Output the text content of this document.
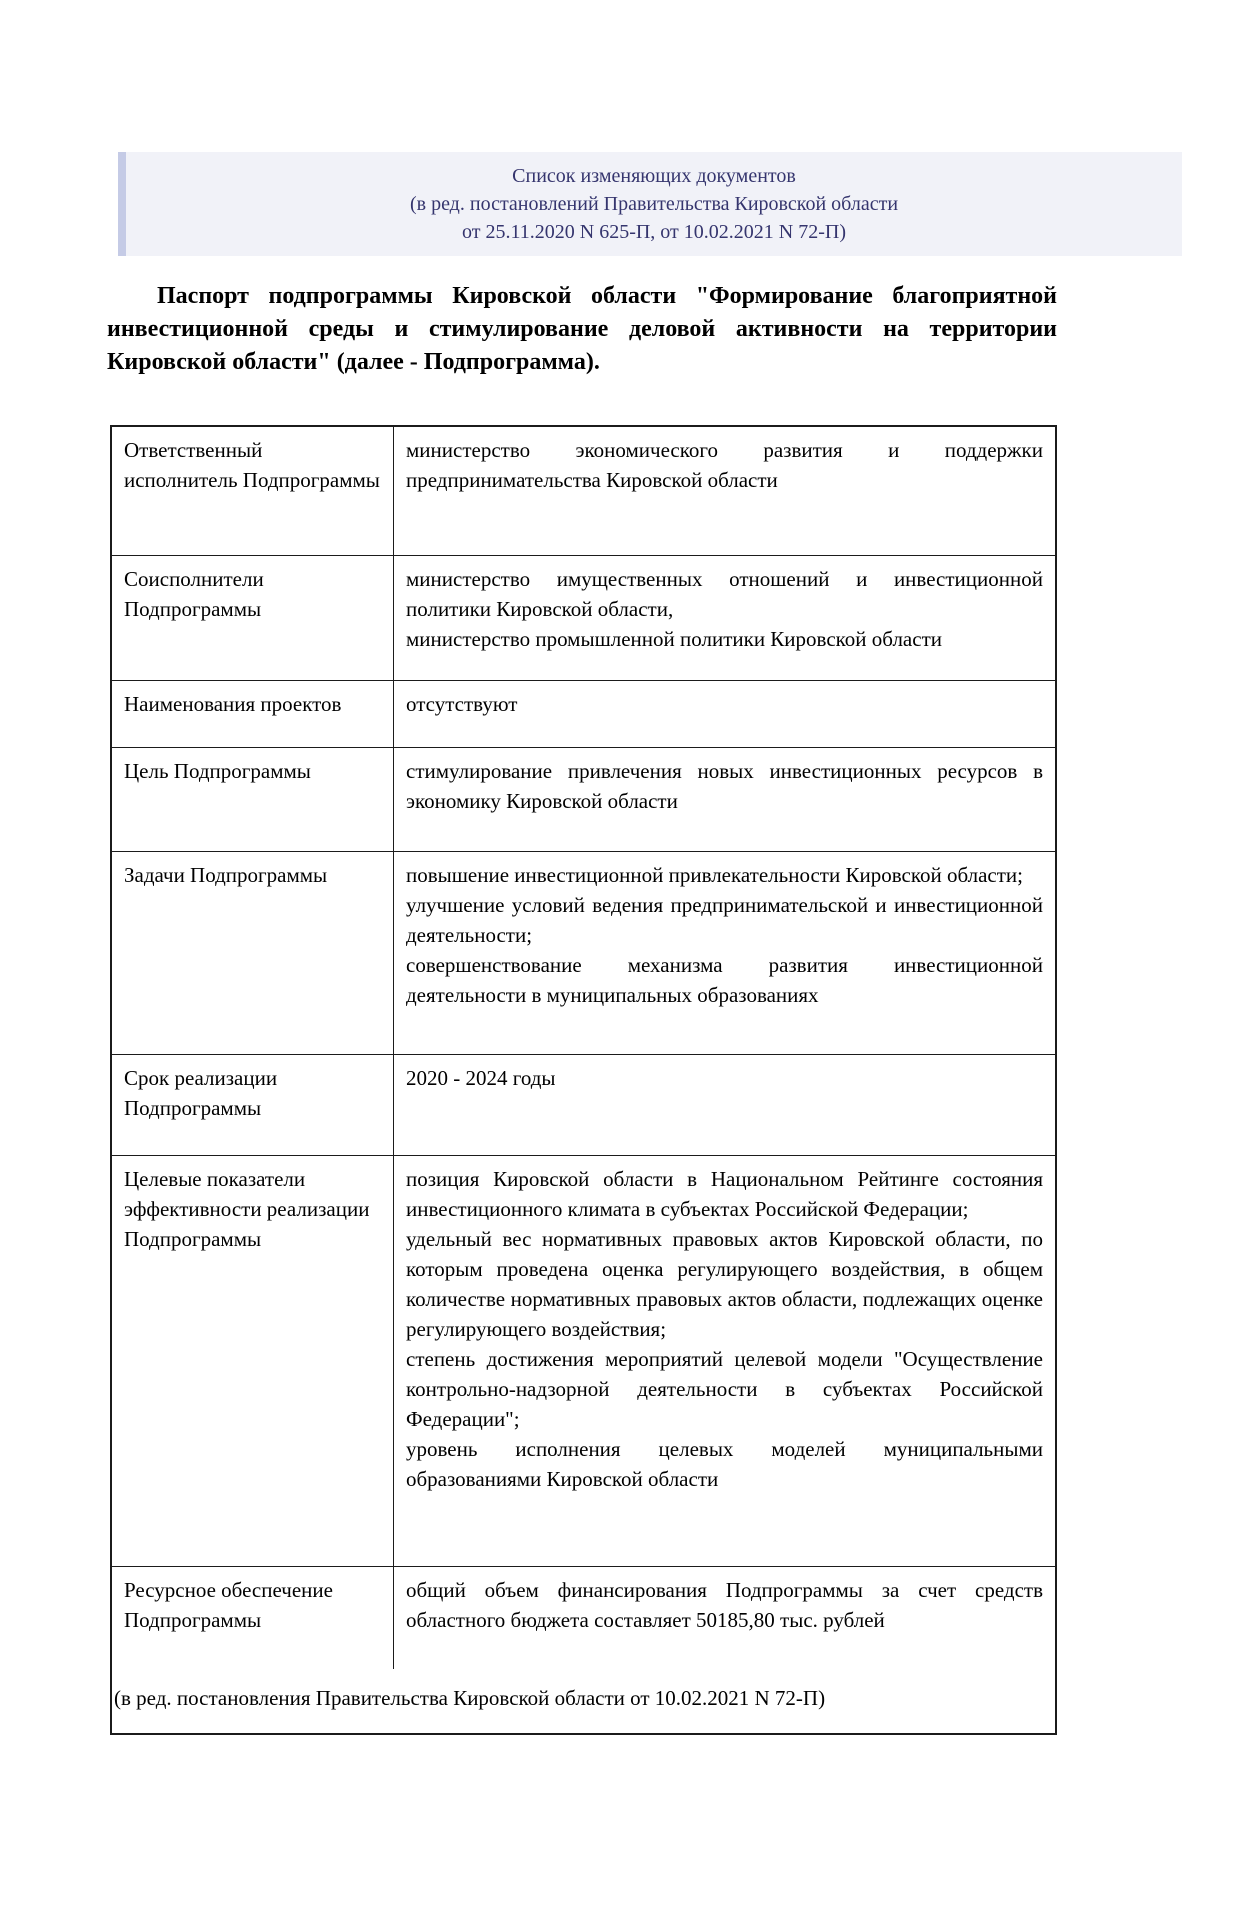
Список изменяющих документов
(в ред. постановлений Правительства Кировской области
от 25.11.2020 N 625-П, от 10.02.2021 N 72-П)

Паспорт подпрограммы Кировской области "Формирование благоприятной инвестиционной среды и стимулирование деловой активности на территории Кировской области" (далее - Подпрограмма).

Ответственный исполнитель Подпрограммы	министерство экономического развития и поддержки предпринимательства Кировской области

Соисполнители Подпрограммы	министерство имущественных отношений и инвестиционной политики Кировской области,
министерство промышленной политики Кировской области

Наименования проектов	отсутствуют

Цель Подпрограммы	стимулирование привлечения новых инвестиционных ресурсов в экономику Кировской области

Задачи Подпрограммы	повышение инвестиционной привлекательности Кировской области;
улучшение условий ведения предпринимательской и инвестиционной деятельности;
совершенствование механизма развития инвестиционной деятельности в муниципальных образованиях

Срок реализации Подпрограммы	2020 - 2024 годы

Целевые показатели эффективности реализации Подпрограммы	позиция Кировской области в Национальном Рейтинге состояния инвестиционного климата в субъектах Российской Федерации;
удельный вес нормативных правовых актов Кировской области, по которым проведена оценка регулирующего воздействия, в общем количестве нормативных правовых актов области, подлежащих оценке регулирующего воздействия;
степень достижения мероприятий целевой модели "Осуществление контрольно-надзорной деятельности в субъектах Российской Федерации";
уровень исполнения целевых моделей муниципальными образованиями Кировской области

Ресурсное обеспечение Подпрограммы	общий объем финансирования Подпрограммы за счет средств областного бюджета составляет 50185,80 тыс. рублей

(в ред. постановления Правительства Кировской области от 10.02.2021 N 72-П)	
